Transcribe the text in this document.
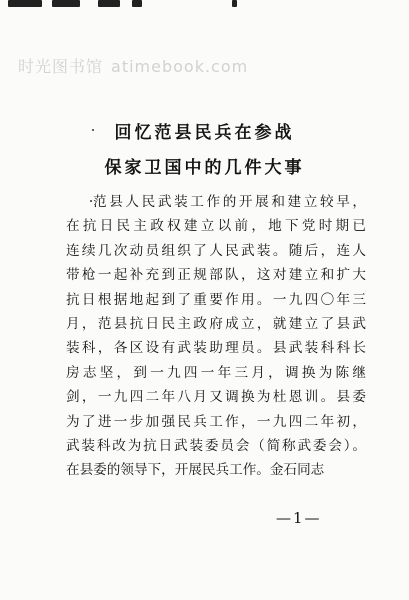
时光图书馆 atimebook.com
回忆范县民兵在参战
保家卫国中的几件大事
范县人民武装工作的开展和建立较早，
在抗日民主政权建立以前，地下党时期已
连续几次动员组织了人民武装。随后，连人
带枪一起补充到正规部队，这对建立和扩大
抗日根据地起到了重要作用。一九四〇年三
月，范县抗日民主政府成立，就建立了县武
装科，各区设有武装助理员。县武装科科长
房志坚，到一九四一年三月，调换为陈继
剑，一九四二年八月又调换为杜恩训。县委
为了进一步加强民兵工作，一九四二年初，
武装科改为抗日武装委员会（简称武委会）。
在县委的领导下，开展民兵工作。金石同志
—1—
